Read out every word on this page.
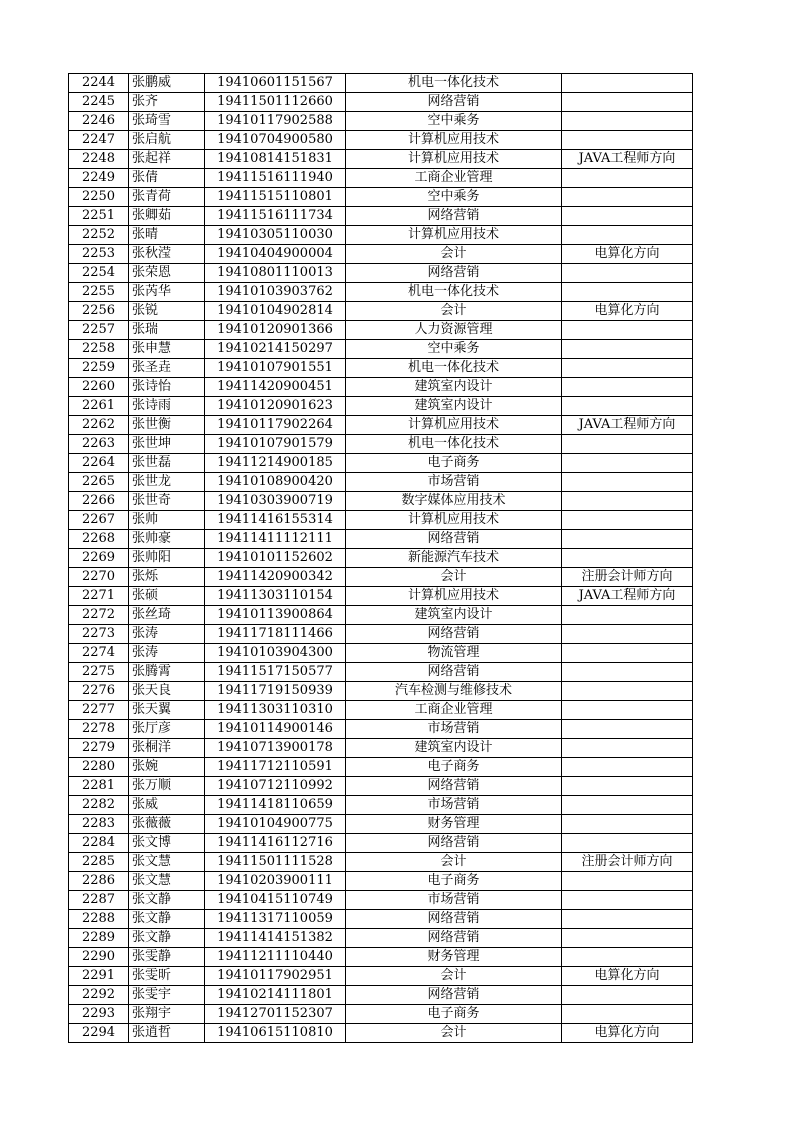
2244	张鹏威	19410601151567	机电一体化技术	
2245	张齐	19411501112660	网络营销	
2246	张琦雪	19410117902588	空中乘务	
2247	张启航	19410704900580	计算机应用技术	
2248	张起祥	19410814151831	计算机应用技术	JAVA工程师方向
2249	张倩	19411516111940	工商企业管理	
2250	张青荷	19411515110801	空中乘务	
2251	张卿茹	19411516111734	网络营销	
2252	张晴	19410305110030	计算机应用技术	
2253	张秋滢	19410404900004	会计	电算化方向
2254	张荣恩	19410801110013	网络营销	
2255	张芮华	19410103903762	机电一体化技术	
2256	张锐	19410104902814	会计	电算化方向
2257	张瑞	19410120901366	人力资源管理	
2258	张申慧	19410214150297	空中乘务	
2259	张圣垚	19410107901551	机电一体化技术	
2260	张诗怡	19411420900451	建筑室内设计	
2261	张诗雨	19410120901623	建筑室内设计	
2262	张世衡	19410117902264	计算机应用技术	JAVA工程师方向
2263	张世坤	19410107901579	机电一体化技术	
2264	张世磊	19411214900185	电子商务	
2265	张世龙	19410108900420	市场营销	
2266	张世奇	19410303900719	数字媒体应用技术	
2267	张帅	19411416155314	计算机应用技术	
2268	张帅豪	19411411112111	网络营销	
2269	张帅阳	19410101152602	新能源汽车技术	
2270	张烁	19411420900342	会计	注册会计师方向
2271	张硕	19411303110154	计算机应用技术	JAVA工程师方向
2272	张丝琦	19410113900864	建筑室内设计	
2273	张涛	19411718111466	网络营销	
2274	张涛	19410103904300	物流管理	
2275	张腾霄	19411517150577	网络营销	
2276	张天良	19411719150939	汽车检测与维修技术	
2277	张天翼	19411303110310	工商企业管理	
2278	张厅彦	19410114900146	市场营销	
2279	张桐洋	19410713900178	建筑室内设计	
2280	张婉	19411712110591	电子商务	
2281	张万顺	19410712110992	网络营销	
2282	张威	19411418110659	市场营销	
2283	张薇薇	19410104900775	财务管理	
2284	张文博	19411416112716	网络营销	
2285	张文慧	19411501111528	会计	注册会计师方向
2286	张文慧	19410203900111	电子商务	
2287	张文静	19410415110749	市场营销	
2288	张文静	19411317110059	网络营销	
2289	张文静	19411414151382	网络营销	
2290	张雯静	19411211110440	财务管理	
2291	张雯昕	19410117902951	会计	电算化方向
2292	张雯宇	19410214111801	网络营销	
2293	张翔宇	19412701152307	电子商务	
2294	张逍哲	19410615110810	会计	电算化方向
